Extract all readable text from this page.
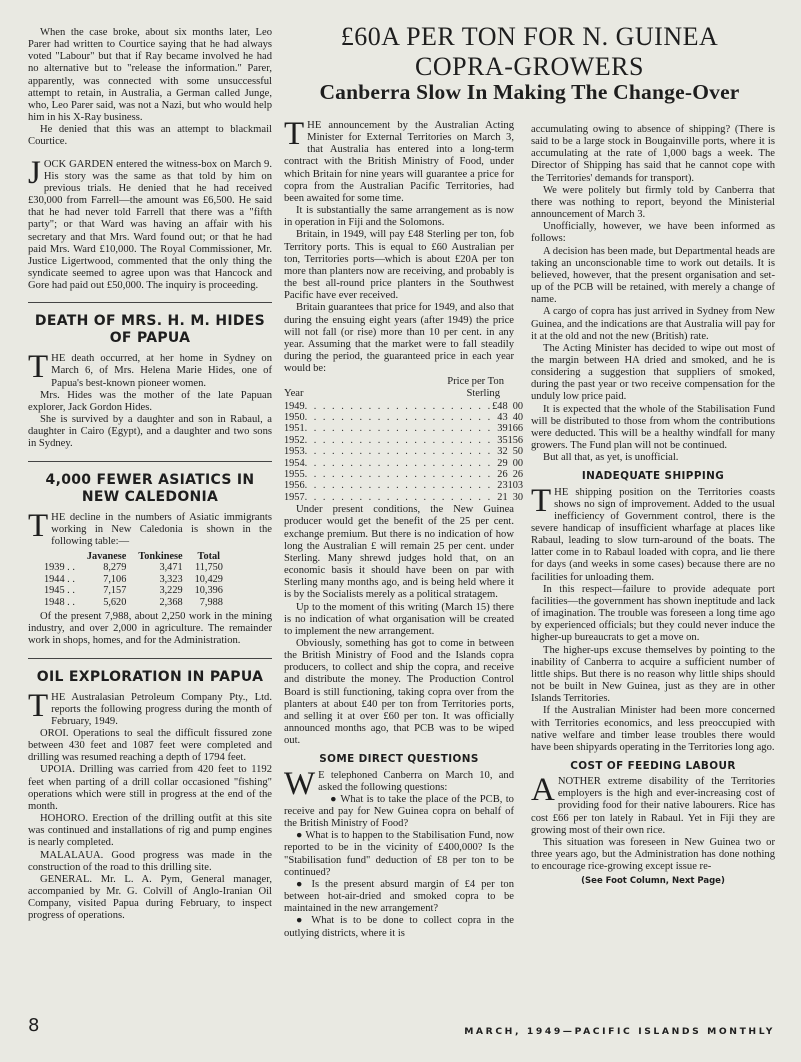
£60A PER TON FOR N. GUINEA
COPRA-GROWERS
Canberra Slow In Making The Change-Over

When the case broke, about six months later, Leo Parer had written to Courtice saying that he had always voted "Labour" but that if Ray became involved he had no alternative but to "release the information." Parer, apparently, was connected with some unsuccessful attempt to retain, in Australia, a German called Junge, who, Leo Parer said, was not a Nazi, but who would help him in his X-Ray business.

He denied that this was an attempt to blackmail Courtice.

JOCK GARDEN entered the witness-box on March 9. His story was the same as that told by him on previous trials. He denied that he had received £30,000 from Farrell—the amount was £6,500. He said that he had never told Farrell that there was a "fifth party"; or that Ward was having an affair with his secretary and that Mrs. Ward found out; or that he had paid Mrs. Ward £10,000. The Royal Commissioner, Mr. Justice Ligertwood, commented that the only thing the syndicate seemed to agree upon was that Hancock and Gore had paid out £50,000. The inquiry is proceeding.

DEATH OF MRS. H. M. HIDES OF PAPUA

THE death occurred, at her home in Sydney on March 6, of Mrs. Helena Marie Hides, one of Papua's best-known pioneer women.

Mrs. Hides was the mother of the late Papuan explorer, Jack Gordon Hides.

She is survived by a daughter and son in Rabaul, a daughter in Cairo (Egypt), and a daughter and two sons in Sydney.

4,000 FEWER ASIATICS IN NEW CALEDONIA

THE decline in the numbers of Asiatic immigrants working in New Caledonia is shown in the following table:—

	Javanese	Tonkinese	Total
1939 . .	8,279	3,471	11,750
1944 . .	7,106	3,323	10,429
1945 . .	7,157	3,229	10,396
1948 . .	5,620	2,368	7,988

Of the present 7,988, about 2,250 work in the mining industry, and over 2,000 in agriculture. The remainder work in shops, homes, and for the Administration.

OIL EXPLORATION IN PAPUA

THE Australasian Petroleum Company Pty., Ltd. reports the following progress during the month of February, 1949.

OROI. Operations to seal the difficult fissured zone between 430 feet and 1087 feet were completed and drilling was resumed reaching a depth of 1794 feet.

UPOIA. Drilling was carried from 420 feet to 1192 feet when parting of a drill collar occasioned "fishing" operations which were still in progress at the end of the month.

HOHORO. Erection of the drilling outfit at this site was continued and installations of rig and pump engines is nearly completed.

MALALAUA. Good progress was made in the construction of the road to this drilling site.

GENERAL. Mr. L. A. Pym, General manager, accompanied by Mr. G. Colvill of Anglo-Iranian Oil Company, visited Papua during February, to inspect progress of operations.

THE announcement by the Australian Acting Minister for External Territories on March 3, that Australia has entered into a long-term contract with the British Ministry of Food, under which Britain for nine years will guarantee a price for copra from the Australian Pacific Territories, had been awaited for some time.

It is substantially the same arrangement as is now in operation in Fiji and the Solomons.

Britain, in 1949, will pay £48 Sterling per ton, fob Territory ports. This is equal to £60 Australian per ton, Territories ports—which is about £20A per ton more than planters now are receiving, and probably is the best all-round price planters in the Southwest Pacific have ever received.

Britain guarantees that price for 1949, and also that during the ensuing eight years (after 1949) the price will not fall (or rise) more than 10 per cent. in any year. Assuming that the market were to fall steadily during the period, the guaranteed price in each year would be:

Price per Ton
Year	Sterling
1949	. . . . . . . . . . . . . . . . . . . . .	£48	0	0
1950	. . . . . . . . . . . . . . . . . . . . .	43	4	0
1951	. . . . . . . . . . . . . . . . . . . . .	39	16	6
1952	. . . . . . . . . . . . . . . . . . . . .	35	15	6
1953	. . . . . . . . . . . . . . . . . . . . .	32	5	0
1954	. . . . . . . . . . . . . . . . . . . . .	29	0	0
1955	. . . . . . . . . . . . . . . . . . . . .	26	2	6
1956	. . . . . . . . . . . . . . . . . . . . .	23	10	3
1957	. . . . . . . . . . . . . . . . . . . . .	21	3	0

Under present conditions, the New Guinea producer would get the benefit of the 25 per cent. exchange premium. But there is no indication of how long the Australian £ will remain 25 per cent. under Sterling. Many shrewd judges hold that, on an economic basis it should have been on par with Sterling many months ago, and is being held where it is by the Socialists merely as a political stratagem.

Up to the moment of this writing (March 15) there is no indication of what organisation will be created to implement the new arrangement.

Obviously, something has got to come in between the British Ministry of Food and the Islands copra producers, to collect and ship the copra, and receive and distribute the money. The Production Control Board is still functioning, taking copra over from the planters at about £40 per ton from Territories ports, and selling it at over £60 per ton. It was officially announced months ago, that PCB was to be wiped out.

SOME DIRECT QUESTIONS

W E telephoned Canberra on March 10, and asked the following questions:

● What is to take the place of the PCB, to receive and pay for New Guinea copra on behalf of the British Ministry of Food?

● What is to happen to the Stabilisation Fund, now reported to be in the vicinity of £400,000? Is the "Stabilisation fund" deduction of £8 per ton to be continued?

● Is the present absurd margin of £4 per ton between hot-air-dried and smoked copra to be maintained in the new arrangement?

● What is to be done to collect copra in the outlying districts, where it is

accumulating owing to absence of shipping? (There is said to be a large stock in Bougainville ports, where it is accumulating at the rate of 1,000 bags a week. The Director of Shipping has said that he cannot cope with the Territories' demands for transport).

We were politely but firmly told by Canberra that there was nothing to report, beyond the Ministerial announcement of March 3.

Unofficially, however, we have been informed as follows:

A decision has been made, but Departmental heads are taking an unconscionable time to work out details. It is believed, however, that the present organisation and set-up of the PCB will be retained, with merely a change of name.

A cargo of copra has just arrived in Sydney from New Guinea, and the indications are that Australia will pay for it at the old and not the new (British) rate.

The Acting Minister has decided to wipe out most of the margin between HA dried and smoked, and he is considering a suggestion that suppliers of smoked, during the past year or two receive compensation for the unduly low price paid.

It is expected that the whole of the Stabilisation Fund will be distributed to those from whom the contributions were deducted. This will be a healthy windfall for many growers. The Fund plan will not be continued.

But all that, as yet, is unofficial.

INADEQUATE SHIPPING

THE shipping position on the Territories coasts shows no sign of improvement. Added to the usual inefficiency of Government control, there is the severe handicap of insufficient wharfage at places like Rabaul, leading to slow turn-around of the boats. The latter come in to Rabaul loaded with copra, and lie there for days (and weeks in some cases) because there are no facilities for unloading them.

In this respect—failure to provide adequate port facilities—the government has shown ineptitude and lack of imagination. The trouble was foreseen a long time ago by experienced officials; but they could never induce the higher-up bureaucrats to get a move on.

The higher-ups excuse themselves by pointing to the inability of Canberra to acquire a sufficient number of little ships. But there is no reason why little ships should not be built in New Guinea, just as they are in other Islands Territories.

If the Australian Minister had been more concerned with Territories economics, and less preoccupied with native welfare and timber lease troubles there would have been shipyards operating in the Territories long ago.

COST OF FEEDING LABOUR

ANOTHER extreme disability of the Territories employers is the high and ever-increasing cost of providing food for their native labourers. Rice has cost £66 per ton lately in Rabaul. Yet in Fiji they are growing most of their own rice.

This situation was foreseen in New Guinea two or three years ago, but the Administration has done nothing to encourage rice-growing except issue re-

(See Foot Column, Next Page)
8	MARCH, 1949—PACIFIC ISLANDS MONTHLY
